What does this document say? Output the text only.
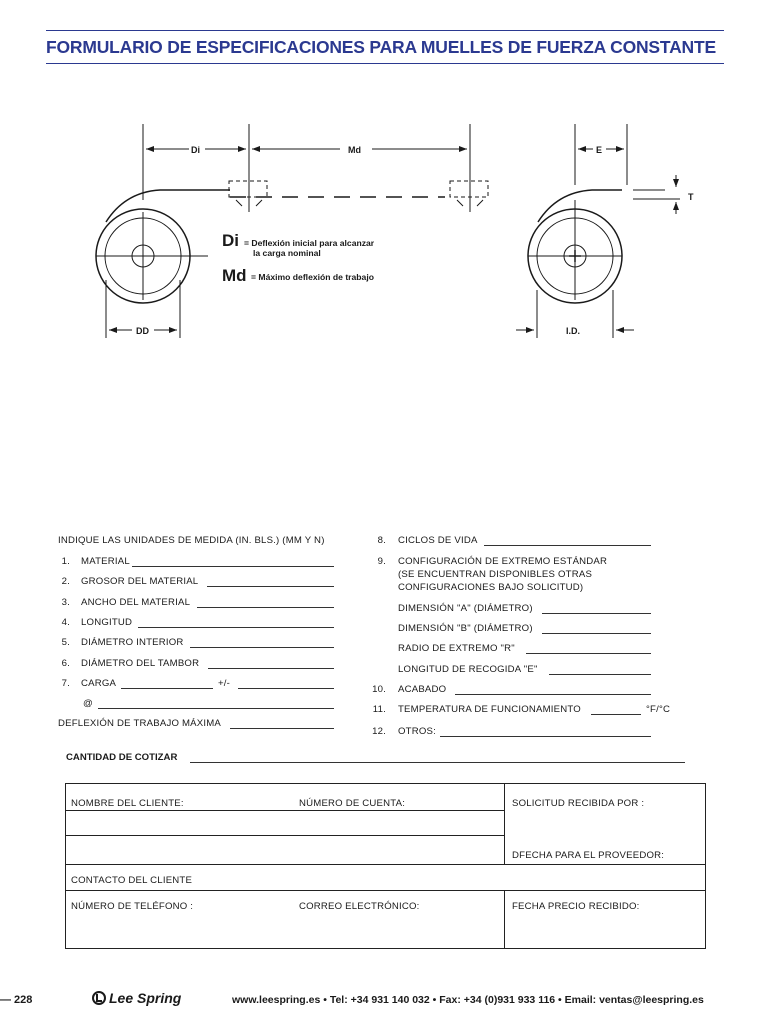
FORMULARIO DE ESPECIFICACIONES PARA MUELLES DE FUERZA CONSTANTE
Di	Md	E
T
DD	I.D.
Di = Deflexión inicial para alcanzar
la carga nominal
Md = Máximo deflexión de trabajo
INDIQUE LAS UNIDADES DE MEDIDA (IN. BLS.) (MM Y N)
1. MATERIAL
2. GROSOR DEL MATERIAL
3. ANCHO DEL MATERIAL
4. LONGITUD
5. DIÁMETRO INTERIOR
6. DIÁMETRO DEL TAMBOR
7. CARGA	+/-
@
DEFLEXIÓN DE TRABAJO MÁXIMA
8. CICLOS DE VIDA
9. CONFIGURACIÓN DE EXTREMO ESTÁNDAR
(SE ENCUENTRAN DISPONIBLES OTRAS
CONFIGURACIONES BAJO SOLICITUD)
DIMENSIÓN "A" (DIÁMETRO)
DIMENSIÓN "B" (DIÁMETRO)
RADIO DE EXTREMO "R"
LONGITUD DE RECOGIDA "E"
10. ACABADO
11. TEMPERATURA DE FUNCIONAMIENTO	°F/°C
12. OTROS:
CANTIDAD DE COTIZAR
NOMBRE DEL CLIENTE:	NÚMERO DE CUENTA:	SOLICITUD RECIBIDA POR :
DFECHA PARA EL PROVEEDOR:
CONTACTO DEL CLIENTE
NÚMERO DE TELÉFONO :	CORREO ELECTRÓNICO:	FECHA PRECIO RECIBIDO:
— 228	Lee Spring	www.leespring.es • Tel: +34 931 140 032 • Fax: +34 (0)931 933 116 • Email: ventas@leespring.es
